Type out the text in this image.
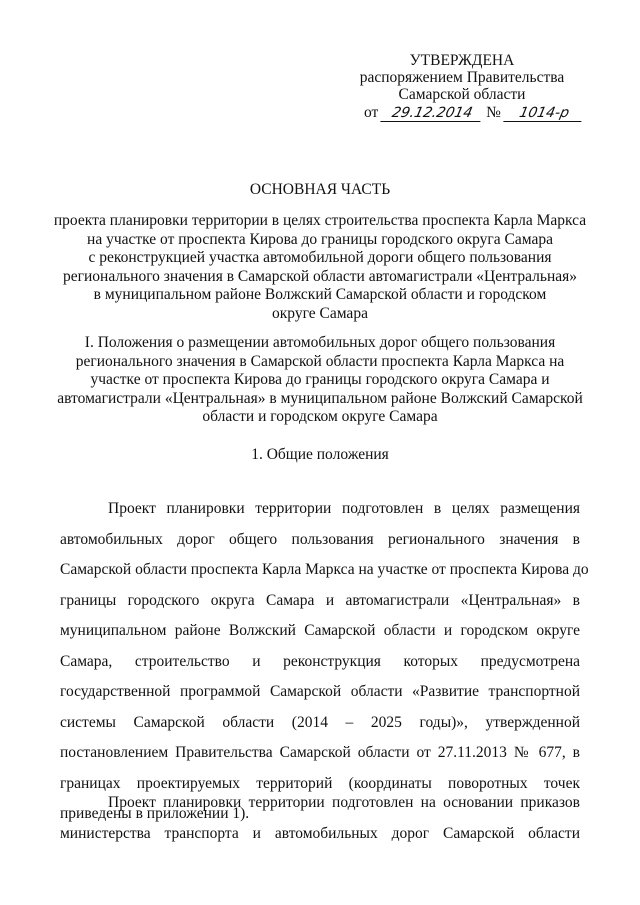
УТВЕРЖДЕНА
распоряжением Правительства
Самарской области
от 29.12.2014 № 1014-р
ОСНОВНАЯ ЧАСТЬ
проекта планировки территории в целях строительства проспекта Карла Маркса
на участке от проспекта Кирова до границы городского округа Самара
с реконструкцией участка автомобильной дороги общего пользования
регионального значения в Самарской области автомагистрали «Центральная»
в муниципальном районе Волжский Самарской области и городском
округе Самара
I. Положения о размещении автомобильных дорог общего пользования
регионального значения в Самарской области проспекта Карла Маркса на
участке от проспекта Кирова до границы городского округа Самара и
автомагистрали «Центральная» в муниципальном районе Волжский Самарской
области и городском округе Самара
1. Общие положения
Проект планировки территории подготовлен в целях размещения
автомобильных дорог общего пользования регионального значения в
Самарской области проспекта Карла Маркса на участке от проспекта Кирова до
границы городского округа Самара и автомагистрали «Центральная» в
муниципальном районе Волжский Самарской области и городском округе
Самара, строительство и реконструкция которых предусмотрена
государственной программой Самарской области «Развитие транспортной
системы Самарской области (2014 – 2025 годы)», утвержденной
постановлением Правительства Самарской области от 27.11.2013 № 677, в
границах проектируемых территорий (координаты поворотных точек
приведены в приложении 1).
Проект планировки территории подготовлен на основании приказов
министерства транспорта и автомобильных дорог Самарской области
